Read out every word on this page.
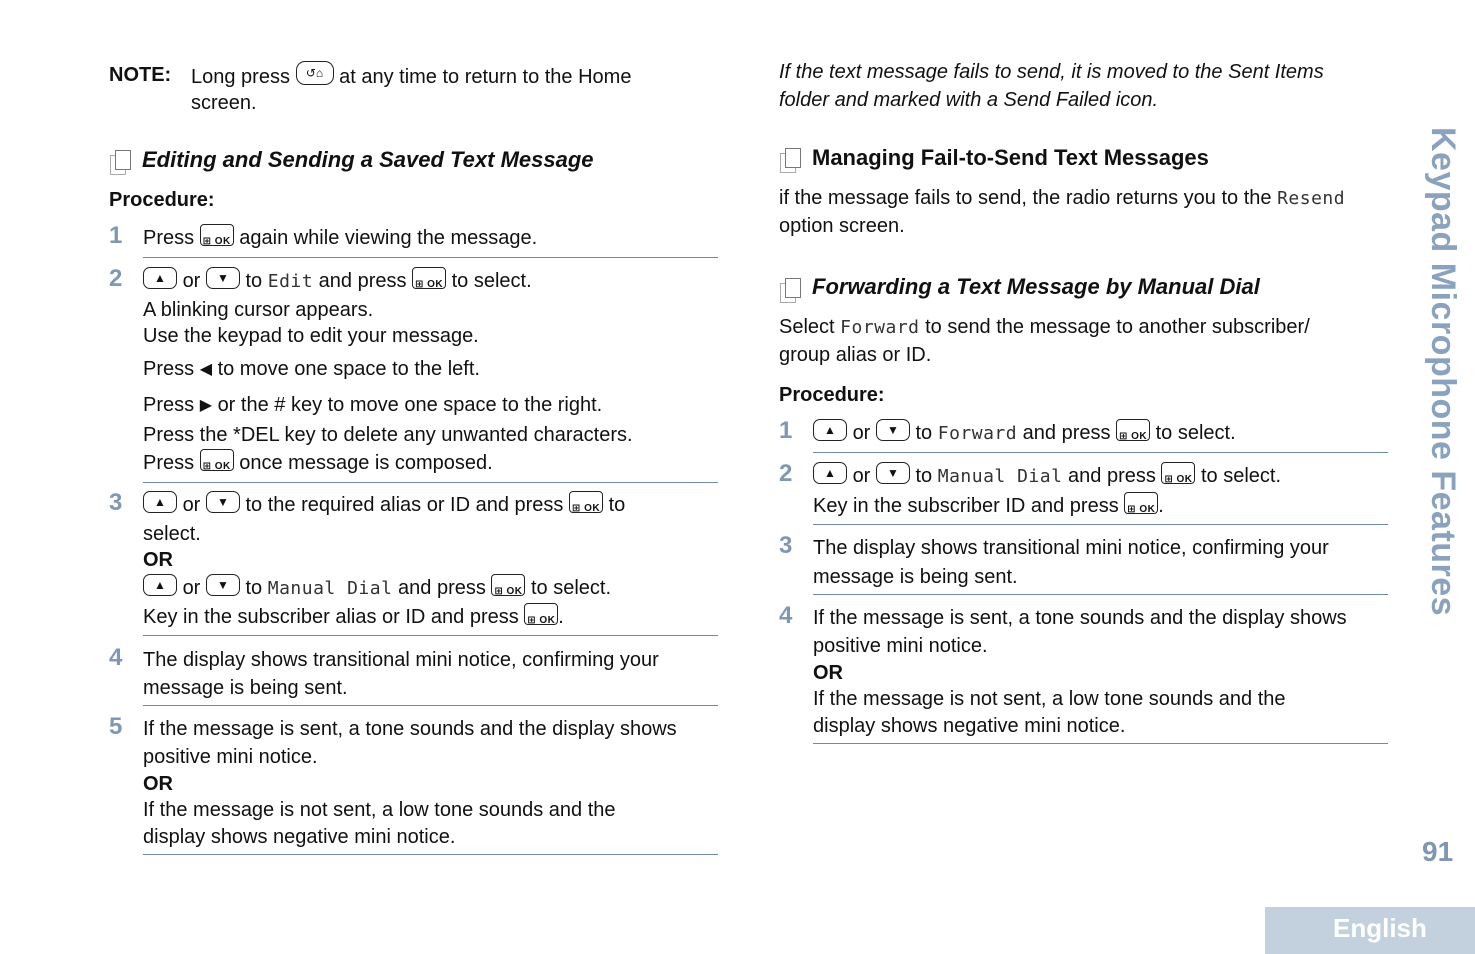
NOTE: Long press	↺⌂ at any time to return to the Home
screen.
Editing and Sending a Saved Text Message
Procedure:
1 Press ⊞ OK again while viewing the message.
2	▲ or	▼ to Edit and press ⊞ OK to select.
A blinking cursor appears.
Use the keypad to edit your message.
Press ◀ to move one space to the left.
Press ▶ or the # key to move one space to the right.
Press the *DEL key to delete any unwanted characters.
Press ⊞ OK once message is composed.
3	▲ or	▼ to the required alias or ID and press ⊞ OK to
select.
OR
▲ or	▼ to Manual Dial and press ⊞ OK to select.
Key in the subscriber alias or ID and press ⊞ OK .
4 The display shows transitional mini notice, confirming your
message is being sent.
5 If the message is sent, a tone sounds and the display shows
positive mini notice.
OR
If the message is not sent, a low tone sounds and the
display shows negative mini notice.
If the text message fails to send, it is moved to the Sent Items
folder and marked with a Send Failed icon.
Managing Fail-to-Send Text Messages
if the message fails to send, the radio returns you to the Resend
option screen.
Forwarding a Text Message by Manual Dial
Select Forward to send the message to another subscriber/
group alias or ID.
Procedure:
1	▲ or	▼ to Forward and press ⊞ OK to select.
2	▲ or	▼ to Manual Dial and press ⊞ OK to select.
Key in the subscriber ID and press ⊞ OK .
3 The display shows transitional mini notice, confirming your
message is being sent.
4 If the message is sent, a tone sounds and the display shows
positive mini notice.
OR
If the message is not sent, a low tone sounds and the
display shows negative mini notice.
Keypad Microphone Features
91
English
